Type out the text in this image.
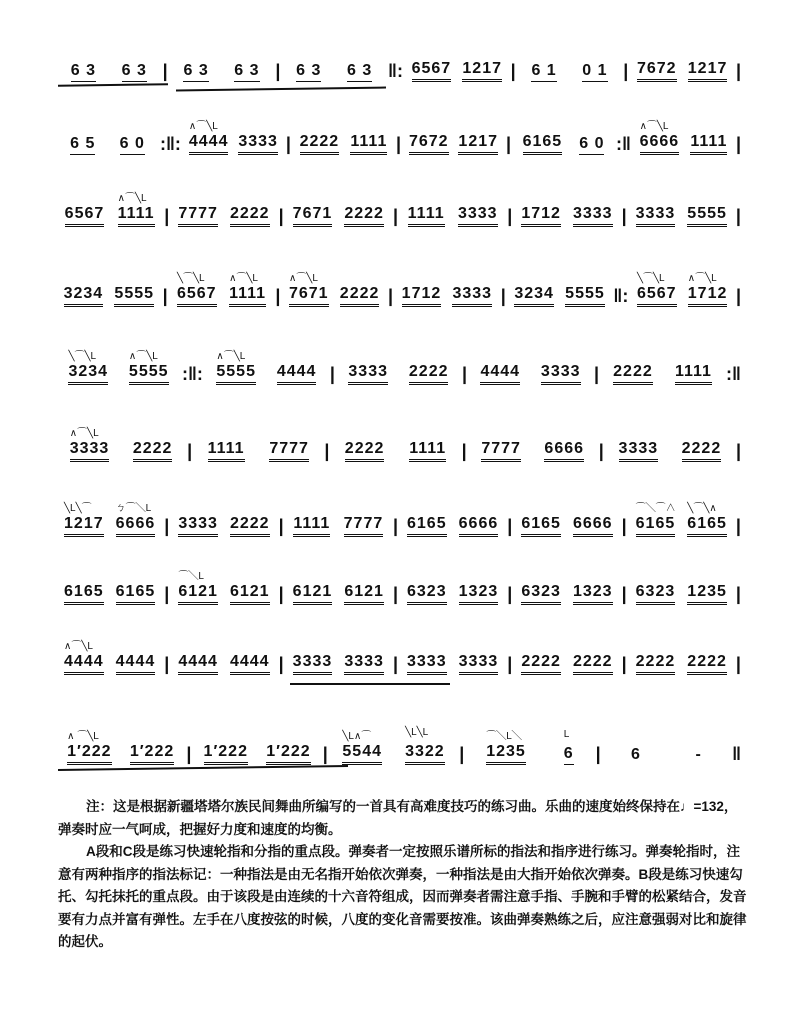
6 3 6 3 | 6 3 6 3 | 6 3 6 3 ‖: 6567 1217 | 6 1 0 1 | 7672 1217 |
6 5 6 0 :‖: 4444
∧⌒╲L
3333 | 2222 1111 | 7672 1217 | 6165 6 0 :‖ 6666
∧⌒╲L
1111 |
6567 1111
∧⌒╲L
| 7777 2222 | 7671 2222 | 1111 3333 | 1712 3333 | 3333 5555 |
3234 5555 | 6567
╲⌒╲L
1111
∧⌒╲L
| 7671
∧⌒╲L
2222 | 1712 3333 | 3234 5555 ‖: 6567
╲⌒╲L
1712
∧⌒╲L
|
3234
╲⌒╲L
5555
∧⌒╲L
:‖: 5555
∧⌒╲L
4444 | 3333 2222 | 4444 3333 | 2222 1111 :‖
3333
∧⌒╲L
2222 | 1111 7777 | 2222 1111 | 7777 6666 | 3333 2222 |
1217
╲L╲⌒
6666
ㄅ⌒╲L
| 3333 2222 | 1111 7777 | 6165 6666 | 6165 6666 | 6165
⌒╲⌒∧
6165
╲⌒╲∧
|
6165 6165 | 6121
⌒╲L
6121 | 6121 6121 | 6323 1323 | 6323 1323 | 6323 1235 |
4444
∧⌒╲L
4444 | 4444 4444 | 3333 3333 | 3333 3333 | 2222 2222 | 2222 2222 |
1′222
∧ ⌒╲L
1′222 | 1′222 1′222 | 5544
╲L∧⌒
3322
╲L╲L
| 1235
⌒╲L╲
6
L
| 6	- ‖

注：这是根据新疆塔塔尔族民间舞曲所编写的一首具有高难度技巧的练习曲。乐曲的速度始终保持在♩=132，弹奏时应一气呵成，把握好力度和速度的均衡。

A段和C段是练习快速轮指和分指的重点段。弹奏者一定按照乐谱所标的指法和指序进行练习。弹奏轮指时，注意有两种指序的指法标记：一种指法是由无名指开始依次弹奏，一种指法是由大指开始依次弹奏。B段是练习快速勾托、勾托抹托的重点段。由于该段是由连续的十六音符组成，因而弹奏者需注意手指、手腕和手臂的松紧结合，发音要有力点并富有弹性。左手在八度按弦的时候，八度的变化音需要按准。该曲弹奏熟练之后，应注意强弱对比和旋律的起伏。
